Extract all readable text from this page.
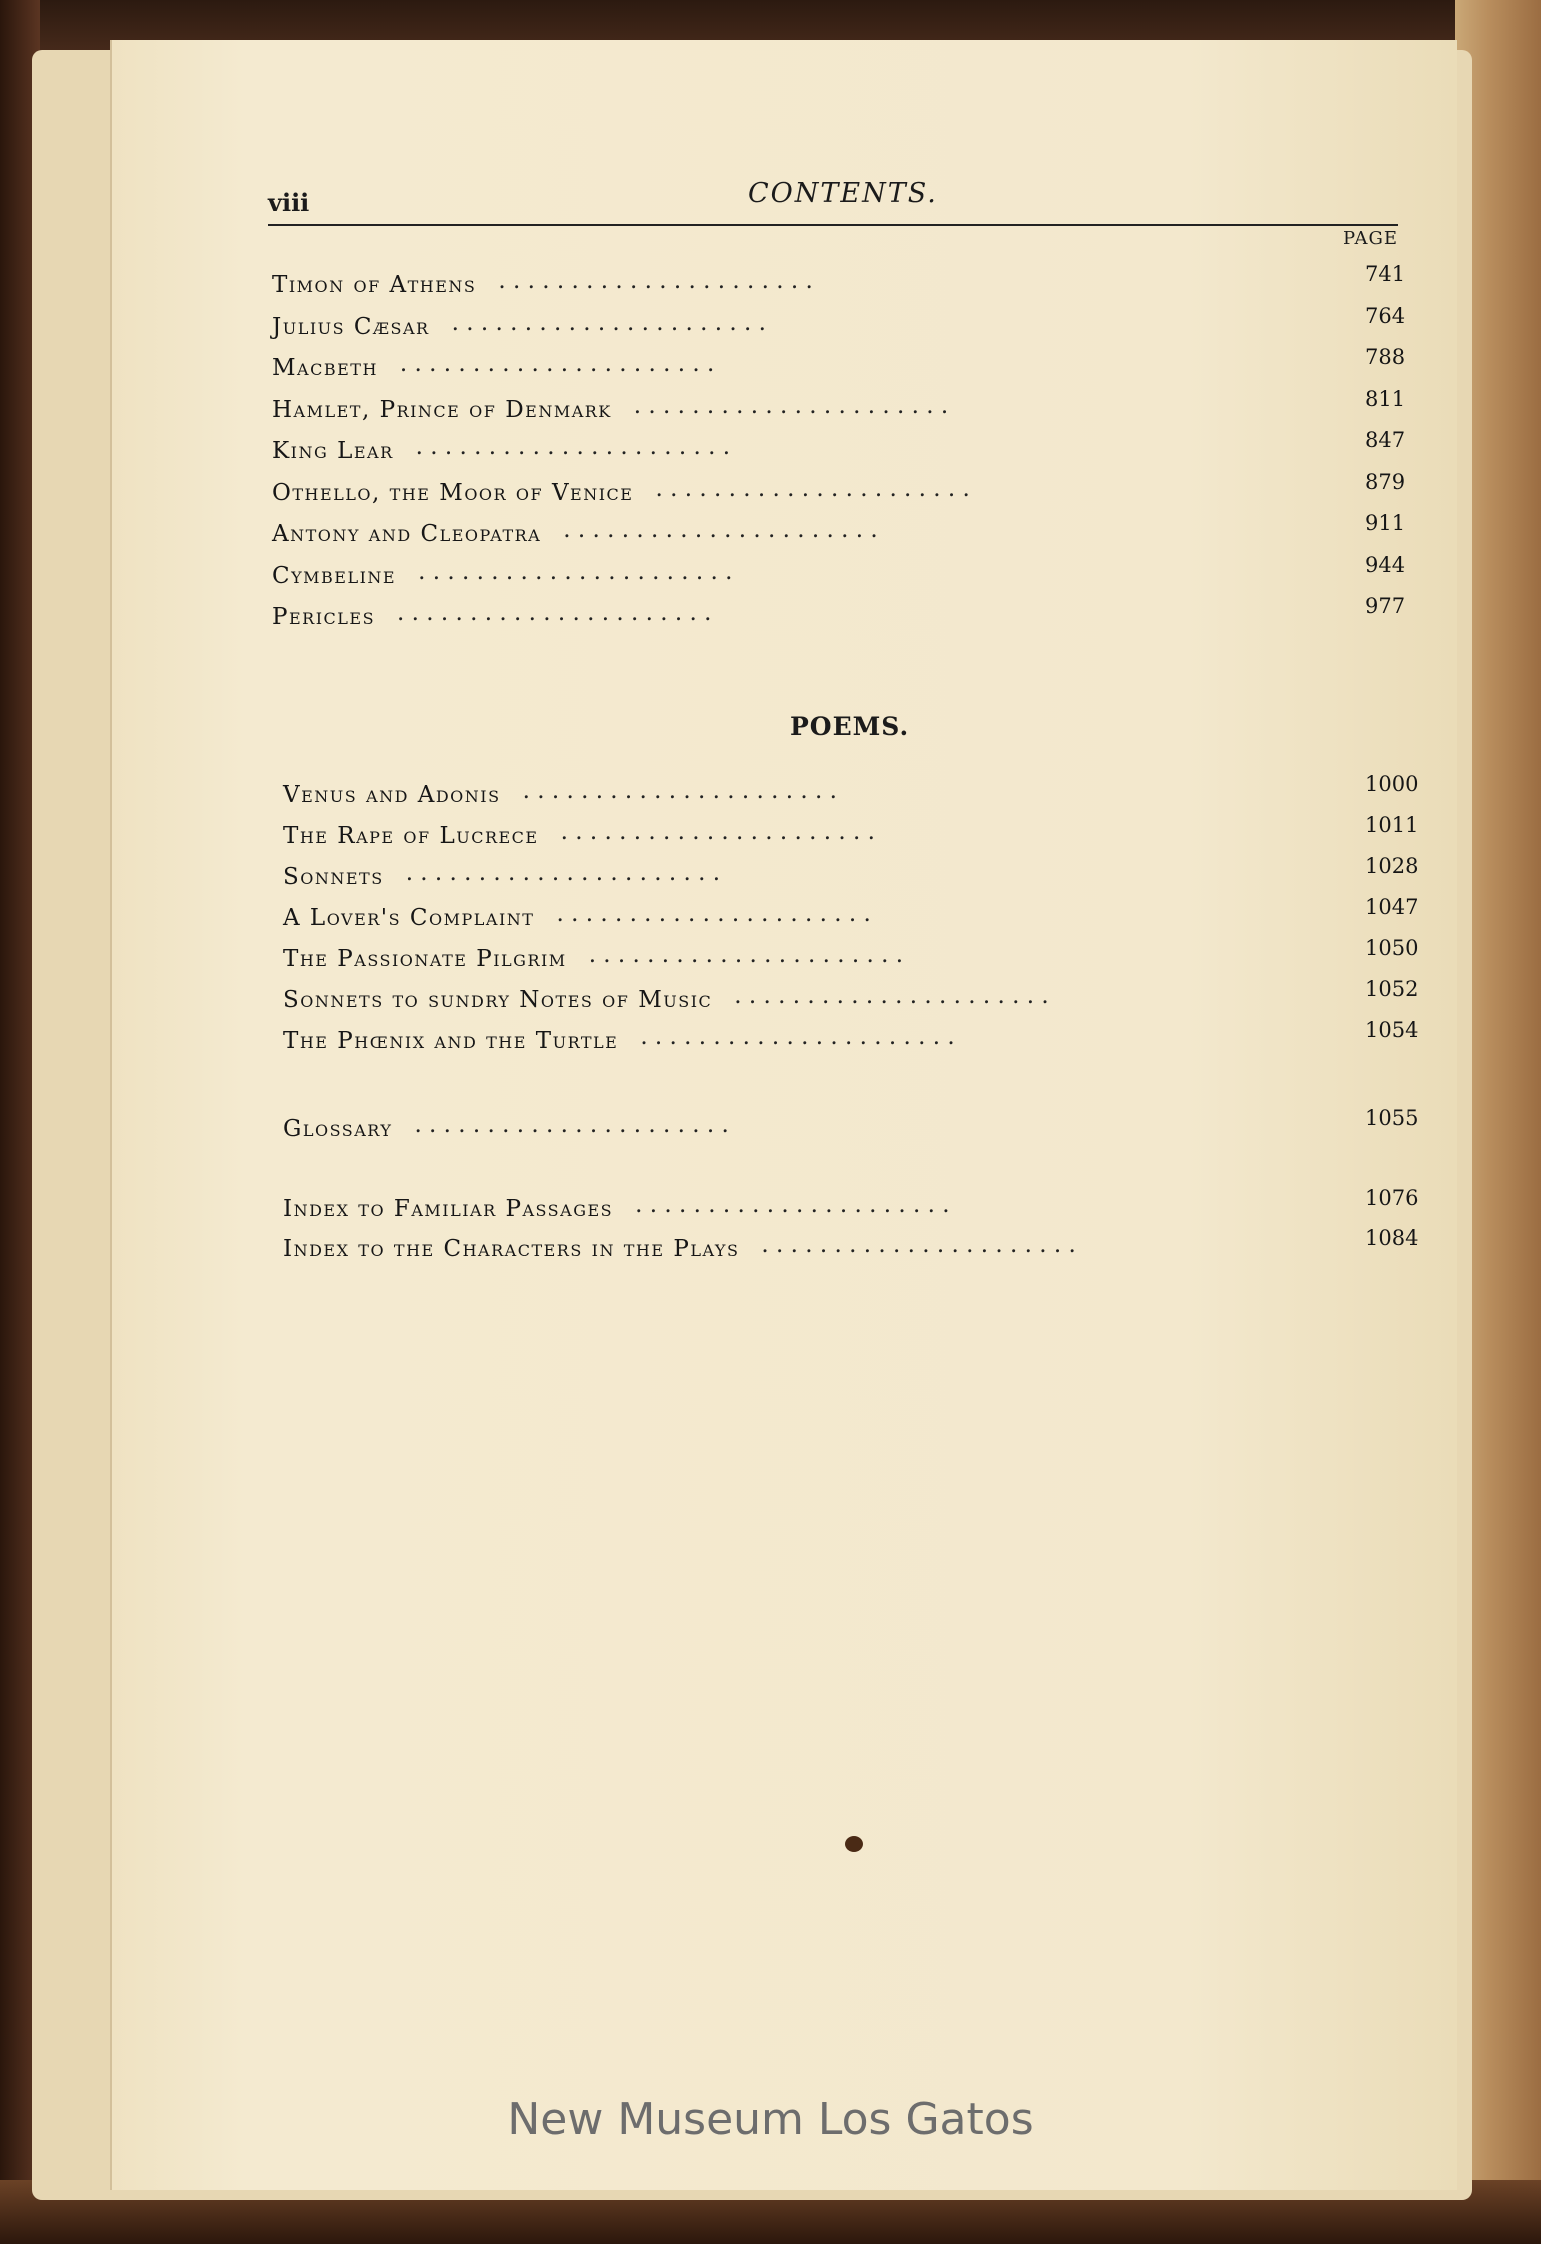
viii	CONTENTS.
PAGE
Timon of Athens . . . . . . . . . . . . . . . . . . . . . .	741
Julius Cæsar . . . . . . . . . . . . . . . . . . . . . .	764
Macbeth . . . . . . . . . . . . . . . . . . . . . .	788
Hamlet, Prince of Denmark . . . . . . . . . . . . . . . . . . . . . .	811
King Lear . . . . . . . . . . . . . . . . . . . . . .	847
Othello, the Moor of Venice . . . . . . . . . . . . . . . . . . . . . .	879
Antony and Cleopatra . . . . . . . . . . . . . . . . . . . . . .	911
Cymbeline . . . . . . . . . . . . . . . . . . . . . .	944
Pericles . . . . . . . . . . . . . . . . . . . . . .	977
POEMS.
Venus and Adonis . . . . . . . . . . . . . . . . . . . . . .	1000
The Rape of Lucrece . . . . . . . . . . . . . . . . . . . . . .	1011
Sonnets . . . . . . . . . . . . . . . . . . . . . .	1028
A Lover's Complaint . . . . . . . . . . . . . . . . . . . . . .	1047
The Passionate Pilgrim . . . . . . . . . . . . . . . . . . . . . .	1050
Sonnets to sundry Notes of Music . . . . . . . . . . . . . . . . . . . . . .	1052
The Phœnix and the Turtle . . . . . . . . . . . . . . . . . . . . . .	1054
Glossary . . . . . . . . . . . . . . . . . . . . . .	1055
Index to Familiar Passages . . . . . . . . . . . . . . . . . . . . . .	1076
Index to the Characters in the Plays . . . . . . . . . . . . . . . . . . . . . .	1084
New Museum Los Gatos
